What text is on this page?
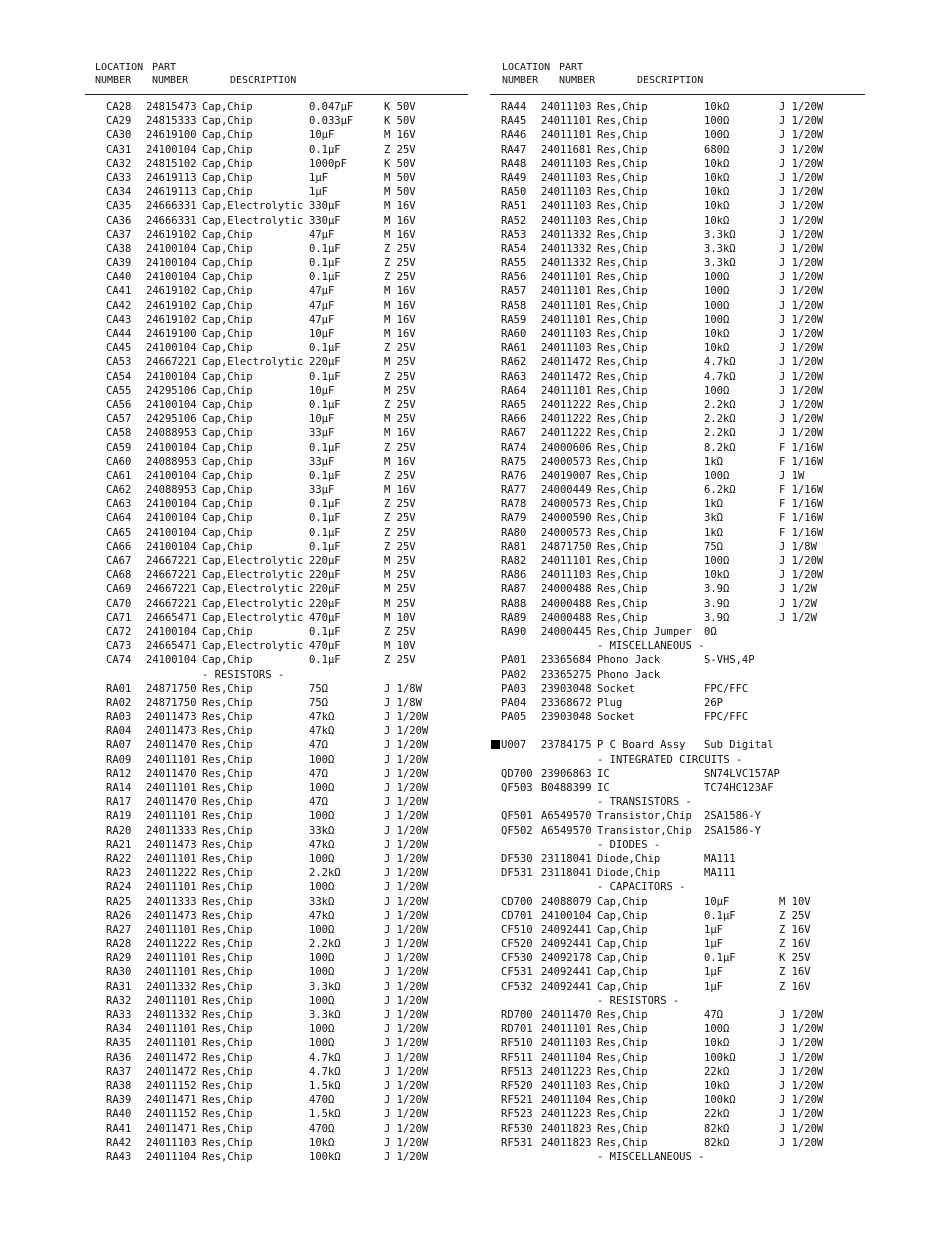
LOCATION
NUMBER
PART
NUMBER	DESCRIPTION
CA28 24815473 Cap,Chip	0.047µF	K 50V
CA29 24815333 Cap,Chip	0.033µF	K 50V
CA30 24619100 Cap,Chip	10µF	M 16V
CA31 24100104 Cap,Chip	0.1µF	Z 25V
CA32 24815102 Cap,Chip	1000pF	K 50V
CA33 24619113 Cap,Chip	1µF	M 50V
CA34 24619113 Cap,Chip	1µF	M 50V
CA35 24666331 Cap,Electrolytic 330µF	M 16V
CA36 24666331 Cap,Electrolytic 330µF	M 16V
CA37 24619102 Cap,Chip	47µF	M 16V
CA38 24100104 Cap,Chip	0.1µF	Z 25V
CA39 24100104 Cap,Chip	0.1µF	Z 25V
CA40 24100104 Cap,Chip	0.1µF	Z 25V
CA41 24619102 Cap,Chip	47µF	M 16V
CA42 24619102 Cap,Chip	47µF	M 16V
CA43 24619102 Cap,Chip	47µF	M 16V
CA44 24619100 Cap,Chip	10µF	M 16V
CA45 24100104 Cap,Chip	0.1µF	Z 25V
CA53 24667221 Cap,Electrolytic 220µF	M 25V
CA54 24100104 Cap,Chip	0.1µF	Z 25V
CA55 24295106 Cap,Chip	10µF	M 25V
CA56 24100104 Cap,Chip	0.1µF	Z 25V
CA57 24295106 Cap,Chip	10µF	M 25V
CA58 24088953 Cap,Chip	33µF	M 16V
CA59 24100104 Cap,Chip	0.1µF	Z 25V
CA60 24088953 Cap,Chip	33µF	M 16V
CA61 24100104 Cap,Chip	0.1µF	Z 25V
CA62 24088953 Cap,Chip	33µF	M 16V
CA63 24100104 Cap,Chip	0.1µF	Z 25V
CA64 24100104 Cap,Chip	0.1µF	Z 25V
CA65 24100104 Cap,Chip	0.1µF	Z 25V
CA66 24100104 Cap,Chip	0.1µF	Z 25V
CA67 24667221 Cap,Electrolytic 220µF	M 25V
CA68 24667221 Cap,Electrolytic 220µF	M 25V
CA69 24667221 Cap,Electrolytic 220µF	M 25V
CA70 24667221 Cap,Electrolytic 220µF	M 25V
CA71 24665471 Cap,Electrolytic 470µF	M 10V
CA72 24100104 Cap,Chip	0.1µF	Z 25V
CA73 24665471 Cap,Electrolytic 470µF	M 10V
CA74 24100104 Cap,Chip	0.1µF	Z 25V
- RESISTORS -
RA01 24871750 Res,Chip	75Ω	J 1/8W
RA02 24871750 Res,Chip	75Ω	J 1/8W
RA03 24011473 Res,Chip	47kΩ	J 1/20W
RA04 24011473 Res,Chip	47kΩ	J 1/20W
RA07 24011470 Res,Chip	47Ω	J 1/20W
RA09 24011101 Res,Chip	100Ω	J 1/20W
RA12 24011470 Res,Chip	47Ω	J 1/20W
RA14 24011101 Res,Chip	100Ω	J 1/20W
RA17 24011470 Res,Chip	47Ω	J 1/20W
RA19 24011101 Res,Chip	100Ω	J 1/20W
RA20 24011333 Res,Chip	33kΩ	J 1/20W
RA21 24011473 Res,Chip	47kΩ	J 1/20W
RA22 24011101 Res,Chip	100Ω	J 1/20W
RA23 24011222 Res,Chip	2.2kΩ	J 1/20W
RA24 24011101 Res,Chip	100Ω	J 1/20W
RA25 24011333 Res,Chip	33kΩ	J 1/20W
RA26 24011473 Res,Chip	47kΩ	J 1/20W
RA27 24011101 Res,Chip	100Ω	J 1/20W
RA28 24011222 Res,Chip	2.2kΩ	J 1/20W
RA29 24011101 Res,Chip	100Ω	J 1/20W
RA30 24011101 Res,Chip	100Ω	J 1/20W
RA31 24011332 Res,Chip	3.3kΩ	J 1/20W
RA32 24011101 Res,Chip	100Ω	J 1/20W
RA33 24011332 Res,Chip	3.3kΩ	J 1/20W
RA34 24011101 Res,Chip	100Ω	J 1/20W
RA35 24011101 Res,Chip	100Ω	J 1/20W
RA36 24011472 Res,Chip	4.7kΩ	J 1/20W
RA37 24011472 Res,Chip	4.7kΩ	J 1/20W
RA38 24011152 Res,Chip	1.5kΩ	J 1/20W
RA39 24011471 Res,Chip	470Ω	J 1/20W
RA40 24011152 Res,Chip	1.5kΩ	J 1/20W
RA41 24011471 Res,Chip	470Ω	J 1/20W
RA42 24011103 Res,Chip	10kΩ	J 1/20W
RA43 24011104 Res,Chip	100kΩ	J 1/20W
LOCATION
NUMBER
PART
NUMBER	DESCRIPTION
RA44 24011103 Res,Chip	10kΩ	J 1/20W
RA45 24011101 Res,Chip	100Ω	J 1/20W
RA46 24011101 Res,Chip	100Ω	J 1/20W
RA47 24011681 Res,Chip	680Ω	J 1/20W
RA48 24011103 Res,Chip	10kΩ	J 1/20W
RA49 24011103 Res,Chip	10kΩ	J 1/20W
RA50 24011103 Res,Chip	10kΩ	J 1/20W
RA51 24011103 Res,Chip	10kΩ	J 1/20W
RA52 24011103 Res,Chip	10kΩ	J 1/20W
RA53 24011332 Res,Chip	3.3kΩ	J 1/20W
RA54 24011332 Res,Chip	3.3kΩ	J 1/20W
RA55 24011332 Res,Chip	3.3kΩ	J 1/20W
RA56 24011101 Res,Chip	100Ω	J 1/20W
RA57 24011101 Res,Chip	100Ω	J 1/20W
RA58 24011101 Res,Chip	100Ω	J 1/20W
RA59 24011101 Res,Chip	100Ω	J 1/20W
RA60 24011103 Res,Chip	10kΩ	J 1/20W
RA61 24011103 Res,Chip	10kΩ	J 1/20W
RA62 24011472 Res,Chip	4.7kΩ	J 1/20W
RA63 24011472 Res,Chip	4.7kΩ	J 1/20W
RA64 24011101 Res,Chip	100Ω	J 1/20W
RA65 24011222 Res,Chip	2.2kΩ	J 1/20W
RA66 24011222 Res,Chip	2.2kΩ	J 1/20W
RA67 24011222 Res,Chip	2.2kΩ	J 1/20W
RA74 24000606 Res,Chip	8.2kΩ	F 1/16W
RA75 24000573 Res,Chip	1kΩ	F 1/16W
RA76 24019007 Res,Chip	100Ω	J 1W
RA77 24000449 Res,Chip	6.2kΩ	F 1/16W
RA78 24000573 Res,Chip	1kΩ	F 1/16W
RA79 24000590 Res,Chip	3kΩ	F 1/16W
RA80 24000573 Res,Chip	1kΩ	F 1/16W
RA81 24871750 Res,Chip	75Ω	J 1/8W
RA82 24011101 Res,Chip	100Ω	J 1/20W
RA86 24011103 Res,Chip	10kΩ	J 1/20W
RA87 24000488 Res,Chip	3.9Ω	J 1/2W
RA88 24000488 Res,Chip	3.9Ω	J 1/2W
RA89 24000488 Res,Chip	3.9Ω	J 1/2W
RA90 24000445 Res,Chip Jumper 0Ω
- MISCELLANEOUS -
PA01 23365684 Phono Jack	S-VHS,4P
PA02 23365275 Phono Jack
PA03 23903048 Socket	FPC/FFC
PA04 23368672 Plug	26P
PA05 23903048 Socket	FPC/FFC
U007 23784175 P C Board Assy Sub Digital
- INTEGRATED CIRCUITS -
QD700 23906863 IC	SN74LVC157AP
QF503 B0488399 IC	TC74HC123AF
- TRANSISTORS -
QF501 A6549570 Transistor,Chip 2SA1586-Y
QF502 A6549570 Transistor,Chip 2SA1586-Y
- DIODES -
DF530 23118041 Diode,Chip	MA111
DF531 23118041 Diode,Chip	MA111
- CAPACITORS -
CD700 24088079 Cap,Chip	10µF	M 10V
CD701 24100104 Cap,Chip	0.1µF	Z 25V
CF510 24092441 Cap,Chip	1µF	Z 16V
CF520 24092441 Cap,Chip	1µF	Z 16V
CF530 24092178 Cap,Chip	0.1µF	K 25V
CF531 24092441 Cap,Chip	1µF	Z 16V
CF532 24092441 Cap,Chip	1µF	Z 16V
- RESISTORS -
RD700 24011470 Res,Chip	47Ω	J 1/20W
RD701 24011101 Res,Chip	100Ω	J 1/20W
RF510 24011103 Res,Chip	10kΩ	J 1/20W
RF511 24011104 Res,Chip	100kΩ	J 1/20W
RF513 24011223 Res,Chip	22kΩ	J 1/20W
RF520 24011103 Res,Chip	10kΩ	J 1/20W
RF521 24011104 Res,Chip	100kΩ	J 1/20W
RF523 24011223 Res,Chip	22kΩ	J 1/20W
RF530 24011823 Res,Chip	82kΩ	J 1/20W
RF531 24011823 Res,Chip	82kΩ	J 1/20W
- MISCELLANEOUS -
